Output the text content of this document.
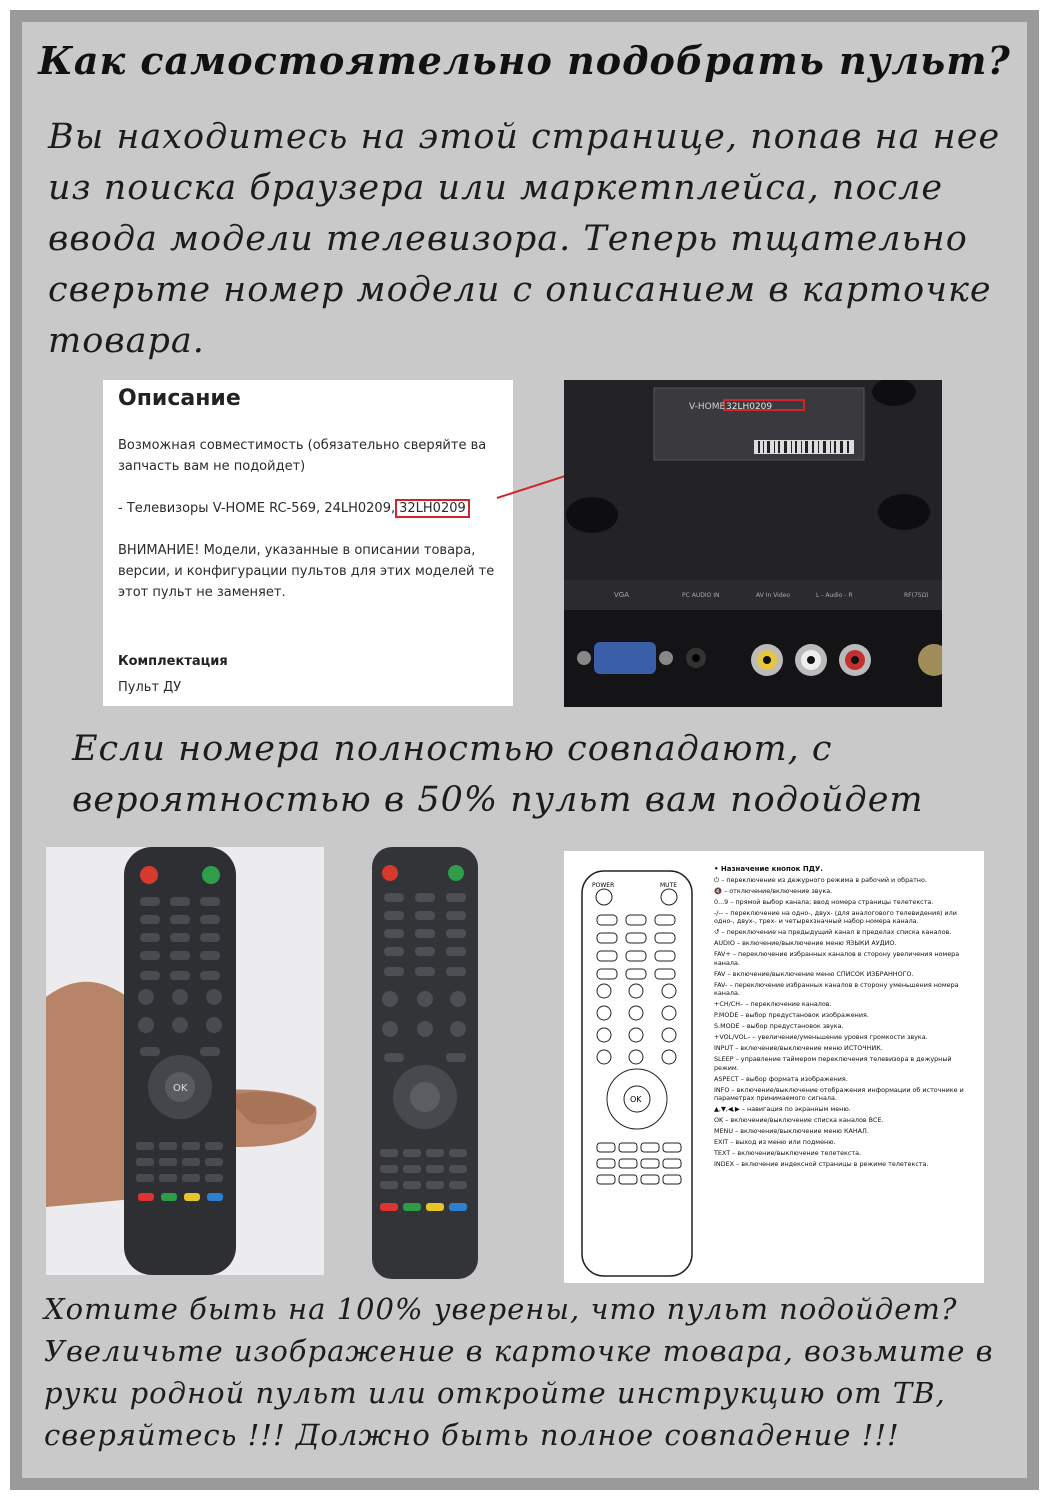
Как самостоятельно подобрать пульт?
Вы находитесь на этой странице, попав на нее
из поиска браузера или маркетплейса, после
ввода модели телевизора. Теперь тщательно
сверьте номер модели с описанием в карточке
товара.
Описание
Возможная совместимость (обязательно сверяйте ва
запчасть вам не подойдет)
- Телевизоры V-HOME RC-569, 24LH0209, 32LH0209
ВНИМАНИЕ! Модели, указанные в описании товара,
версии, и конфигурации пультов для этих моделей те
этот пульт не заменяет.
Комплектация
Пульт ДУ
V-HOME 32LH0209
VGA	PC AUDIO IN	AV In Video	L - Audio - R	RF(75Ω)
Если номера полностью совпадают, с
вероятностью в 50% пульт вам подойдет
OK
POWER	MUTE
OK
• Назначение кнопок ПДУ.
⏻ – переключение из дежурного режима в рабочий и обратно.
🔇 – отключение/включение звука.
0...9 – прямой выбор канала; ввод номера страницы телетекста.
-/-- – переключение на одно-, двух- (для аналогового телевидения) или одно-, двух-, трех- и четырехзначный набор номера канала.
↺ – переключение на предыдущий канал в пределах списка каналов.
AUDIO – включение/выключение меню ЯЗЫКИ АУДИО.
FAV+ – переключение избранных каналов в сторону увеличения номера канала.
FAV – включение/выключение меню СПИСОК ИЗБРАННОГО.
FAV- – переключение избранных каналов в сторону уменьшения номера канала.
+CH/CH– – переключение каналов.
P.MODE – выбор предустановок изображения.
S.MODE – выбор предустановок звука.
+VOL/VOL– – увеличение/уменьшение уровня громкости звука.
INPUT – включение/выключение меню ИСТОЧНИК.
SLEEP – управление таймером переключения телевизора в дежурный режим.
ASPECT – выбор формата изображения.
INFO – включение/выключение отображения информации об источнике и параметрах принимаемого сигнала.
▲,▼,◀,▶ – навигация по экранным меню.
OK – включение/выключение списка каналов ВСЕ.
MENU – включение/выключение меню КАНАЛ.
EXIT – выход из меню или подменю.
TEXT – включение/выключение телетекста.
INDEX – включение индексной страницы в режиме телетекста.
Хотите быть на 100% уверены, что пульт подойдет?
Увеличьте изображение в карточке товара, возьмите в
руки родной пульт или откройте инструкцию от ТВ,
сверяйтесь !!! Должно быть полное совпадение !!!
